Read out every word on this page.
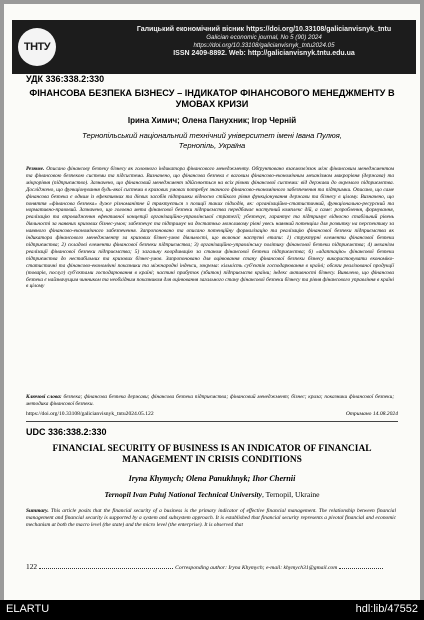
ТНТУ
Галицький економічний вісник https://doi.org/10.33108/galicianvisnyk_tntu
Galician economic journal, No 5 (90) 2024
https://doi.org/10.33108/galicianvisnyk_tntu2024.05
ISSN 2409-8892. Web: http://galicianvisnyk.tntu.edu.ua
УДК 336:338.2:330
ФІНАНСОВА БЕЗПЕКА БІЗНЕСУ – ІНДИКАТОР ФІНАНСОВОГО МЕНЕДЖМЕНТУ В УМОВАХ КРИЗИ
Ірина Химич; Олена Панухник; Ігор Черній
Тернопільський національний технічний університет імені Івана Пулюя, Тернопіль, Україна
Резюме. Описано фінансову безпеку бізнесу як головного індикатора фінансового менеджменту. Обґрунтовано взаємозв'язок між фінансовим менеджментом та фінансовою безпекою системи та підсистема. Визначено, що фінансова безпека є ваговим фінансово-економічним механізмом макрорівня (держава) та мікрорівня (підприємство). Зазначено, що фінансовий менеджмент здійснюється на всіх рівнях фінансової системи: від держави до окремого підприємства. Досліджено, що функціонування будь-якої системи в кризових умовах потребує значного фінансово-економічного забезпечення та підтримки. Описано, що саме фінансова безпека є одним із ефективних та дієвих засобів підтримки відносно стійкого рівня функціонування держави та бізнесу в цілому. Визначено, що поняття «фінансова безпека» дуже різноманітне й трактується з позиції таких підходів, як: організаційно-статистичний, функціонально-ресурсний та нормативно-правовий. Зазначено, що головна мета фінансової безпеки підприємства передбачає наступний комплекс дій, а саме: розроблення, формування, реалізацію та впровадження ефективної концепції організаційно-управлінської стратегії; убезпечує, гарантує та підтримує відносно стабільний рівень діяльності за наявних кризових бізнес-умов; забезпечує та підтримує на достатньо можливому рівні увесь наявний потенціал для розвитку на перспективу за наявного фінансово-економічного забезпечення. Запропоновано та описано потенційну формалізацію та реалізацію фінансової безпеки підприємства як індикатора фінансового менеджменту за кризових бізнес-умов діяльності, що включає наступні етапи: 1) структурні елементи фінансової безпеки підприємства; 2) складові елементи фінансової безпеки підприємства; 3) організаційно-управлінську політику фінансової безпеки підприємства; 4) механізм реалізації фінансової безпеки підприємства; 5) загальну координацію за станом фінансової безпеки підприємства; 6) «адаптацію» фінансової безпеки підприємства до нестабільних та кризових бізнес-умов. Запропоновано для оцінювання стану фінансової безпеки бізнесу використовувати економіко-статистичні та фінансово-економічні показники та міжнародні індекси, зокрема: кількість суб'єктів господарювання в країні; обсяги реалізованої продукції (товарів, послуг) суб'єктами господарювання в країні; частині прибуток (збиток) підприємств країни; індекс активності бізнесу. Виявлено, що фінансова безпека є найзначущим чинником та необхідним показником для оцінювання загального стану фінансової безпеки бізнесу та рівня фінансового управління в країні в цілому
Ключові слова: безпека; фінансова безпека держави; фінансова безпека підприємства; фінансовий менеджмент; бізнес; криза; показники фінансової безпеки; методика фінансової безпеки.
https://doi.org/10.33108/galicianvisnyk_tntu2024.05.122	Отримано 14.08.2024
UDC 336:338.2:330
FINANCIAL SECURITY OF BUSINESS IS AN INDICATOR OF FINANCIAL MANAGEMENT IN CRISIS CONDITIONS
Iryna Khymych; Olena Panukhnyk; Ihor Chernii
Ternopil Ivan Puluj National Technical University, Ternopil, Ukraine
Summary. This article posits that the financial security of a business is the primary indicator of effective financial management. The relationship between financial management and financial security is supported by a system and subsystem approach. It is established that financial security represents a pivotal financial and economic mechanism at both the macro level (the state) and the micro level (the enterprise). It is observed that
122	Corresponding author: Iryna Khymych; e-mail: khymych31@gmail.com
ELARTU	hdl:lib/47552
